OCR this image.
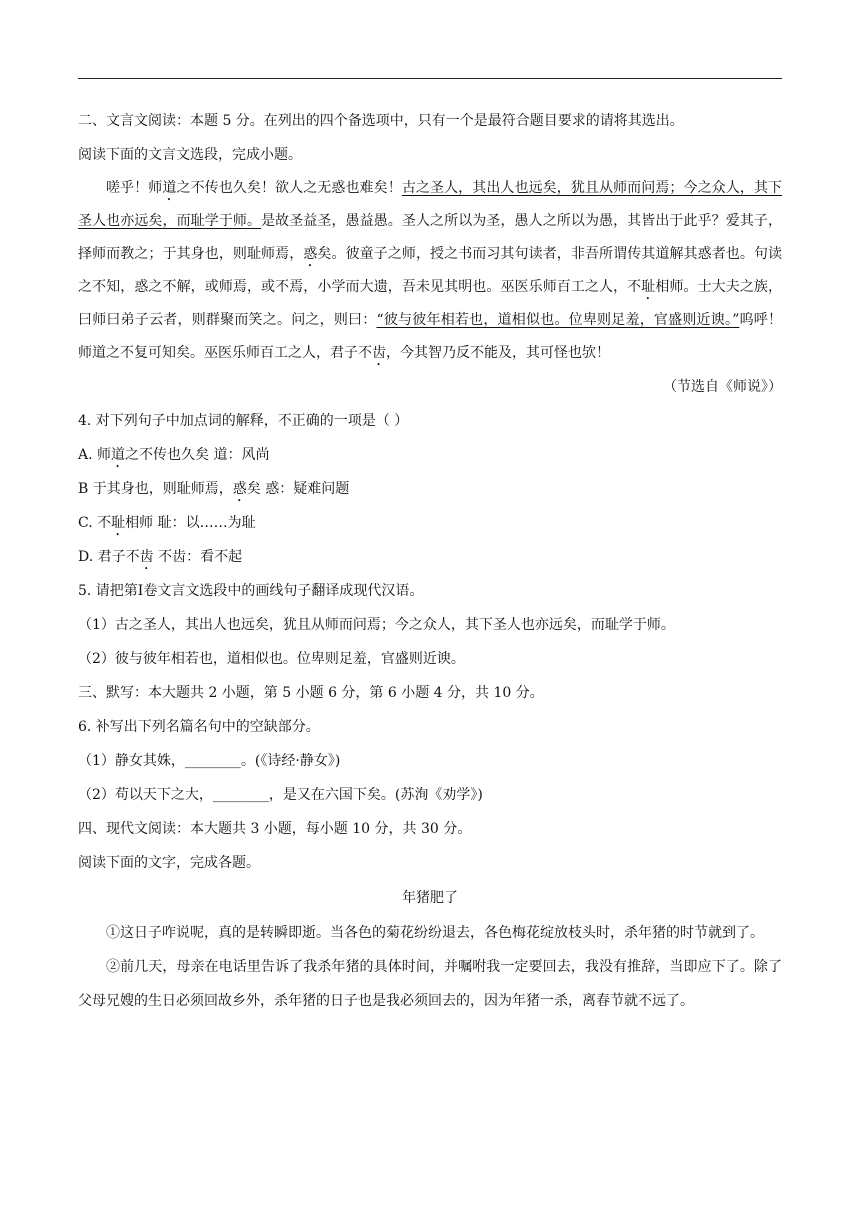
二、文言文阅读：本题 5 分。在列出的四个备选项中，只有一个是最符合题目要求的请将其选出。

阅读下面的文言文选段，完成小题。

嗟乎！师道之不传也久矣！欲人之无惑也难矣！古之圣人，其出人也远矣，犹且从师而问焉；今之众人，其下圣人也亦远矣，而耻学于师。是故圣益圣，愚益愚。圣人之所以为圣，愚人之所以为愚，其皆出于此乎？爱其子，择师而教之；于其身也，则耻师焉，惑矣。彼童子之师，授之书而习其句读者，非吾所谓传其道解其惑者也。句读之不知，惑之不解，或师焉，或不焉，小学而大遗，吾未见其明也。巫医乐师百工之人，不耻相师。士大夫之族，曰师曰弟子云者，则群聚而笑之。问之，则曰：“彼与彼年相若也，道相似也。位卑则足羞，官盛则近谀。”呜呼！师道之不复可知矣。巫医乐师百工之人，君子不齿，今其智乃反不能及，其可怪也欤！

（节选自《师说》）

4. 对下列句子中加点词的解释，不正确的一项是（ ）

A. 师道之不传也久矣 道：风尚

B 于其身也，则耻师焉，惑矣 惑：疑难问题

C. 不耻相师 耻：以……为耻

D. 君子不齿 不齿：看不起

5. 请把第Ⅰ卷文言文选段中的画线句子翻译成现代汉语。

（1）古之圣人，其出人也远矣，犹且从师而问焉；今之众人，其下圣人也亦远矣，而耻学于师。

（2）彼与彼年相若也，道相似也。位卑则足羞，官盛则近谀。

三、默写：本大题共 2 小题，第 5 小题 6 分，第 6 小题 4 分，共 10 分。

6. 补写出下列名篇名句中的空缺部分。

（1）静女其姝，________。(《诗经·静女》)

（2）苟以天下之大，________，是又在六国下矣。(苏洵《劝学》)

四、现代文阅读：本大题共 3 小题，每小题 10 分，共 30 分。

阅读下面的文字，完成各题。

年猪肥了

①这日子咋说呢，真的是转瞬即逝。当各色的菊花纷纷退去，各色梅花绽放枝头时，杀年猪的时节就到了。

②前几天，母亲在电话里告诉了我杀年猪的具体时间，并嘱咐我一定要回去，我没有推辞，当即应下了。除了父母兄嫂的生日必须回故乡外，杀年猪的日子也是我必须回去的，因为年猪一杀，离春节就不远了。
